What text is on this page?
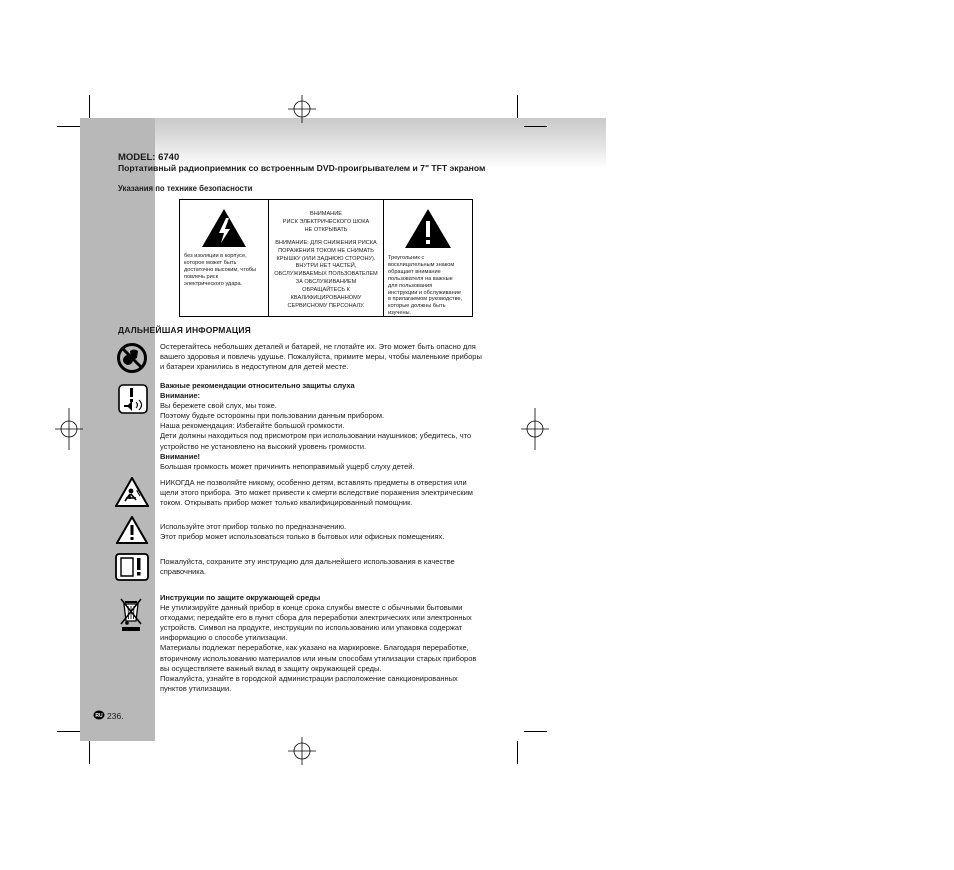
MODEL: 6740
Портативный радиоприемник со встроенным DVD-проигрывателем и 7" TFT экраном
Указания по технике безопасности
без изоляции в корпусе,
которое может быть
достаточно высоким, чтобы
повлечь риск
электрического удара.
ВНИМАНИЕ
РИСК ЭЛЕКТРИЧЕСКОГО ШОКА
НЕ ОТКРЫВАТЬ
ВНИМАНИЕ: ДЛЯ СНИЖЕНИЯ РИСКА
ПОРАЖЕНИЯ ТОКОМ НЕ СНИМАТЬ
КРЫШКУ (ИЛИ ЗАДНЮЮ СТОРОНУ).
ВНУТРИ НЕТ ЧАСТЕЙ,
ОБСЛУЖИВАЕМЫХ ПОЛЬЗОВАТЕЛЕМ
ЗА ОБСЛУЖИВАНИЕМ
ОБРАЩАЙТЕСЬ К
КВАЛИФИЦИРОВАННОМУ
СЕРВИСНОМУ ПЕРСОНАЛУ.
Треугольник с
восклицательным знаком
обращает внимание
пользователя на важные
для пользования
инструкции и обслуживание
в прилагаемом руководстве,
которые должны быть
изучены.
ДАЛЬНЕЙШАЯ ИНФОРМАЦИЯ
Остерегайтесь небольших деталей и батарей, не глотайте их. Это может быть опасно для
вашего здоровья и повлечь удушье. Пожалуйста, примите меры, чтобы маленькие приборы
и батареи хранились в недоступном для детей месте.
Важные рекомендации относительно защиты слуха
Внимание:
Вы бережете свой слух, мы тоже.
Поэтому будьте осторожны при пользовании данным прибором.
Наша рекомендация: Избегайте большой громкости.
Дети должны находиться под присмотром при использовании наушников; убедитесь, что
устройство не установлено на высокий уровень громкости.
Внимание!
Большая громкость может причинить непоправимый ущерб слуху детей.
НИКОГДА не позволяйте никому, особенно детям, вставлять предметы в отверстия или
щели этого прибора. Это может привести к смерти вследствие поражения электрическим
током. Открывать прибор может только квалифицированный помощник.
Используйте этот прибор только по предназначению.
Этот прибор может использоваться только в бытовых или офисных помещениях.
Пожалуйста, сохраните эту инструкцию для дальнейшего использования в качестве
справочника.
Инструкции по защите окружающей среды
Не утилизируйте данный прибор в конце срока службы вместе с обычными бытовыми
отходами; передайте его в пункт сбора для переработки электрических или электронных
устройств. Символ на продукте, инструкции по использованию или упаковка содержат
информацию о способе утилизации.
Материалы подлежат переработке, как указано на маркировке. Благодаря переработке,
вторичному использованию материалов или иным способам утилизации старых приборов
вы осуществляете важный вклад в защиту окружающей среды.
Пожалуйста, узнайте в городской администрации расположение санкционированных
пунктов утилизации.
RU 236.
